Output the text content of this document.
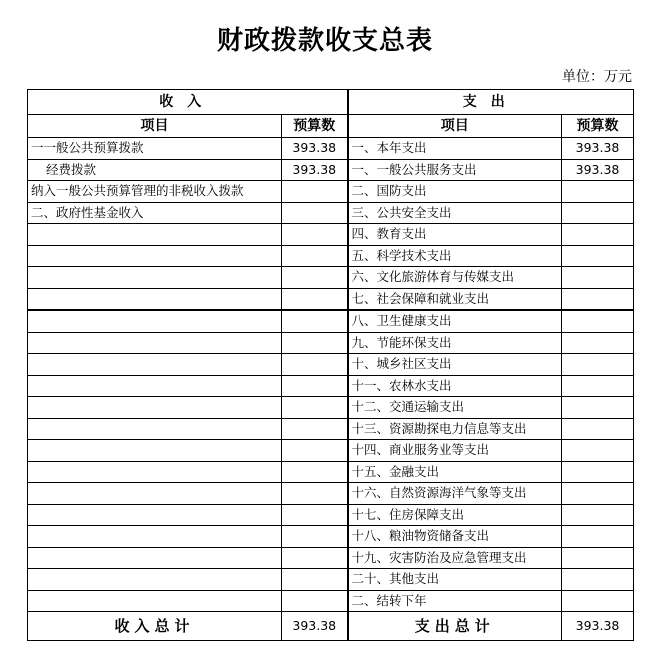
财政拨款收支总表
单位：万元
收入		支出	
项目	预算数	项目	预算数
一一般公共预算拨款	393.38	一、本年支出	393.38
经费拨款	393.38	一、一般公共服务支出	393.38
纳入一般公共预算管理的非税收入拨款		二、国防支出	
二、政府性基金收入		三、公共安全支出	
		四、教育支出	
		五、科学技术支出	
		六、文化旅游体育与传媒支出	
		七、社会保障和就业支出	
		八、卫生健康支出	
		九、节能环保支出	
		十、城乡社区支出	
		十一、农林水支出	
		十二、交通运输支出	
		十三、资源勘探电力信息等支出	
		十四、商业服务业等支出	
		十五、金融支出	
		十六、自然资源海洋气象等支出	
		十七、住房保障支出	
		十八、粮油物资储备支出	
		十九、灾害防治及应急管理支出	
		二十、其他支出	
		二、结转下年	
收入总计	393.38	支出总计	393.38
